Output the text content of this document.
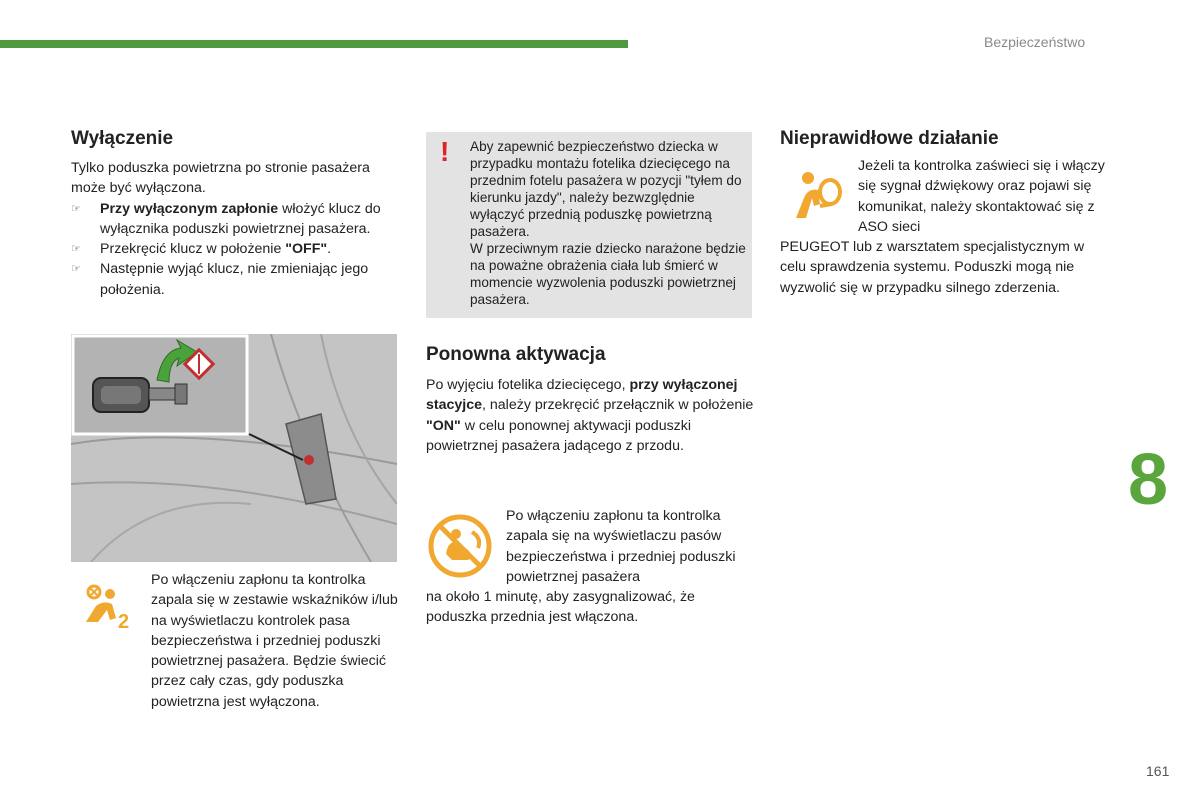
Bezpieczeństwo
8
161
Wyłączenie

Tylko poduszka powietrzna po stronie pasażera może być wyłączona.

☞ Przy wyłączonym zapłonie włożyć klucz do wyłącznika poduszki powietrznej pasażera.
☞ Przekręcić klucz w położenie "OFF".
☞ Następnie wyjąć klucz, nie zmieniając jego położenia.
2

Po włączeniu zapłonu ta kontrolka zapala się w zestawie wskaźników i/lub na wyświetlaczu kontrolek pasa bezpieczeństwa i przedniej poduszki powietrznej pasażera. Będzie świecić przez cały czas, gdy poduszka powietrzna jest wyłączona.

! Aby zapewnić bezpieczeństwo dziecka w przypadku montażu fotelika dziecięcego na przednim fotelu pasażera w pozycji "tyłem do kierunku jazdy", należy bezwzględnie wyłączyć przednią poduszkę powietrzną pasażera.
W przeciwnym razie dziecko narażone będzie na poważne obrażenia ciała lub śmierć w momencie wyzwolenia poduszki powietrznej pasażera.
Ponowna aktywacja

Po wyjęciu fotelika dziecięcego, przy wyłączonej stacyjce, należy przekręcić przełącznik w położenie "ON" w celu ponownej aktywacji poduszki powietrznej pasażera jadącego z przodu.

Po włączeniu zapłonu ta kontrolka zapala się na wyświetlaczu pasów bezpieczeństwa i przedniej poduszki powietrznej pasażera

na około 1 minutę, aby zasygnalizować, że poduszka przednia jest włączona.

Nieprawidłowe działanie

Jeżeli ta kontrolka zaświeci się i włączy się sygnał dźwiękowy oraz pojawi się komunikat, należy skontaktować się z ASO sieci

PEUGEOT lub z warsztatem specjalistycznym w celu sprawdzenia systemu. Poduszki mogą nie wyzwolić się w przypadku silnego zderzenia.
